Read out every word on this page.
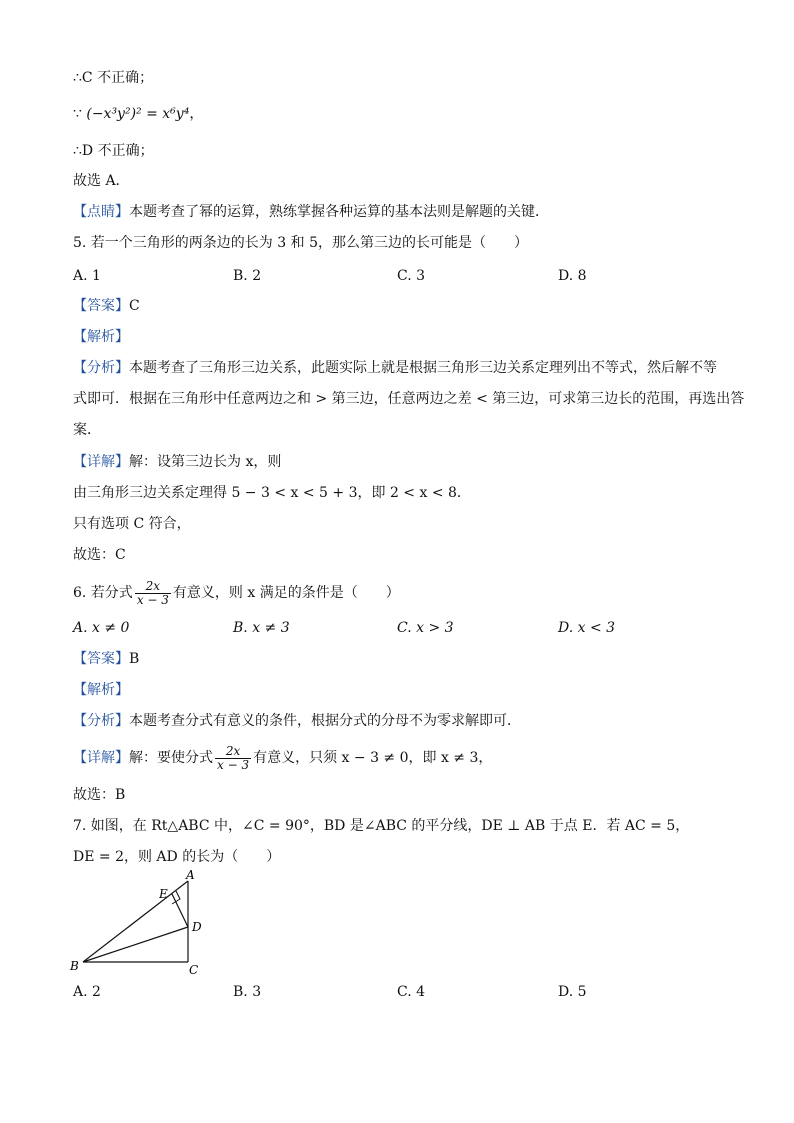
∴C 不正确；
∵ (−x³y²)² = x⁶y⁴，
∴D 不正确；
故选 A．
【点睛】本题考查了幂的运算，熟练掌握各种运算的基本法则是解题的关键．
5. 若一个三角形的两条边的长为 3 和 5，那么第三边的长可能是（　　）
A. 1	B. 2	C. 3	D. 8
【答案】C
【解析】
【分析】本题考查了三角形三边关系，此题实际上就是根据三角形三边关系定理列出不等式，然后解不等
式即可．根据在三角形中任意两边之和 > 第三边，任意两边之差 < 第三边，可求第三边长的范围，再选出答
案．
【详解】解：设第三边长为 x，则
由三角形三边关系定理得 5 − 3 < x < 5 + 3，即 2 < x < 8．
只有选项 C 符合，
故选：C
6. 若分式 $\frac{2x}{x - 3}$ 有意义，则 x 满足的条件是（　　）
A. x ≠ 0	B. x ≠ 3	C. x > 3	D. x < 3
【答案】B
【解析】
【分析】本题考查分式有意义的条件，根据分式的分母不为零求解即可．
【详解】解：要使分式 $\frac{2x}{x - 3}$ 有意义，只须 x − 3 ≠ 0，即 x ≠ 3，
故选：B
7. 如图，在 Rt△ABC 中，∠C = 90°，BD 是∠ABC 的平分线，DE ⊥ AB 于点 E．若 AC = 5，
DE = 2，则 AD 的长为（　　）
A
B	C
D
E
A. 2	B. 3	C. 4	D. 5
